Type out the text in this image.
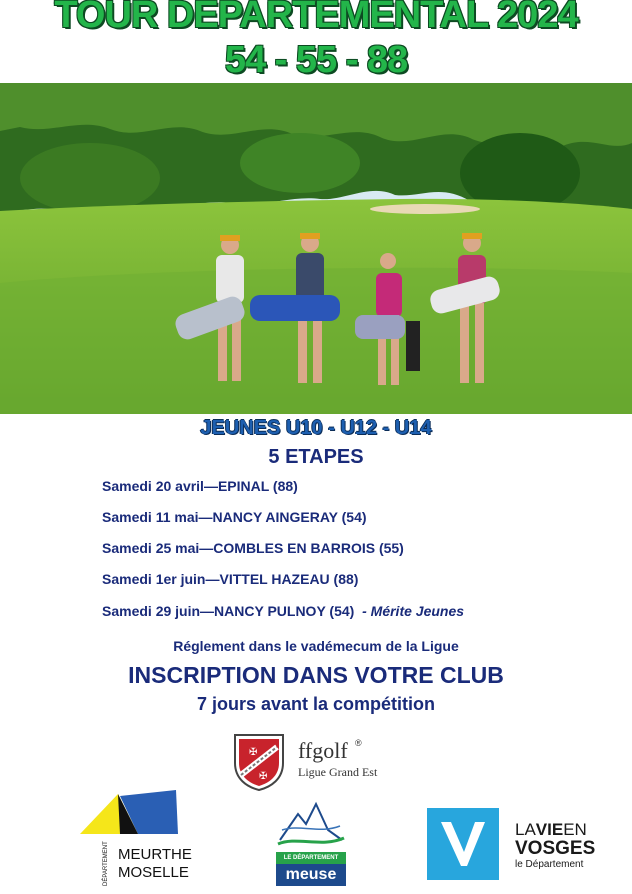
TOUR DEPARTEMENTAL 2024
54 - 55 - 88
JEUNES U10 - U12 - U14
5 ETAPES
Samedi 20 avril—EPINAL (88)
Samedi 11 mai—NANCY AINGERAY (54)
Samedi 25 mai—COMBLES EN BARROIS (55)
Samedi 1er juin—VITTEL HAZEAU (88)
Samedi 29 juin—NANCY PULNOY (54) - Mérite Jeunes
Réglement dans le vadémecum de la Ligue
INSCRIPTION DANS VOTRE CLUB
7 jours avant la compétition
✠
✠
ffgolf ®
Ligue Grand Est
DÉPARTEMENT MEURTHE
MOSELLE
LE DÉPARTEMENT
meuse
LAVIEEN
VOSGES
le Département
